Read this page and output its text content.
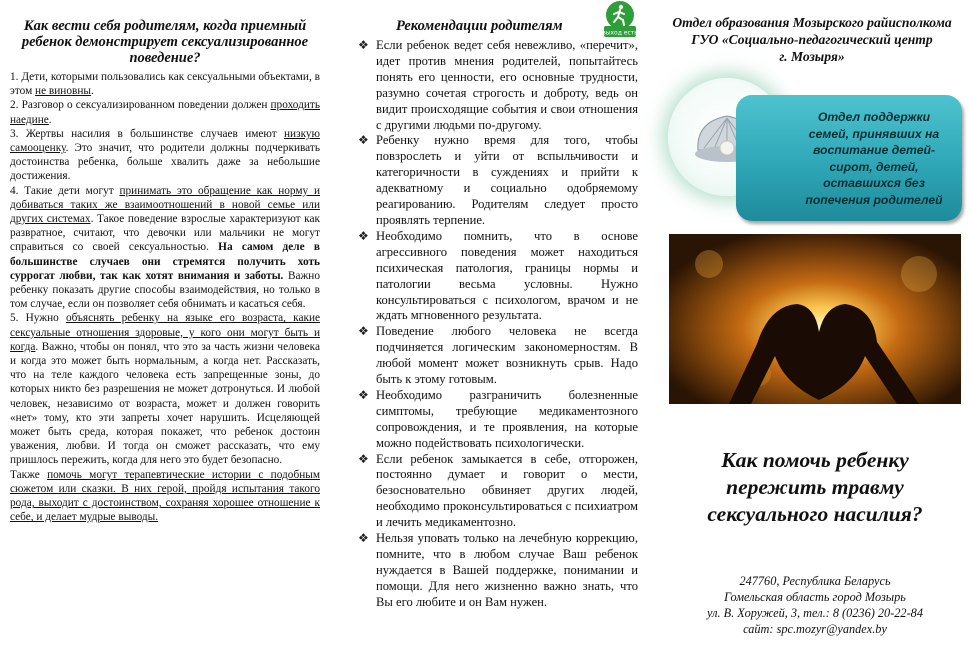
Как вести себя родителям, когда приемный ребенок демонстрирует сексуализированное поведение?

1. Дети, которыми пользовались как сексуальными объектами, в этом не виновны.

2. Разговор о сексуализированном поведении должен проходить наедине.

3. Жертвы насилия в большинстве случаев имеют низкую самооценку. Это значит, что родители должны подчеркивать достоинства ребенка, больше хвалить даже за небольшие достижения.

4. Такие дети могут принимать это обращение как норму и добиваться таких же взаимоотношений в новой семье или других системах. Такое поведение взрослые характеризуют как развратное, считают, что девочки или мальчики не могут справиться со своей сексуальностью. На самом деле в большинстве случаев они стремятся получить хоть суррогат любви, так как хотят внимания и заботы. Важно ребенку показать другие способы взаимодействия, но только в том случае, если он позволяет себя обнимать и касаться себя.

5. Нужно объяснять ребенку на языке его возраста, какие сексуальные отношения здоровые, у кого они могут быть и когда. Важно, чтобы он понял, что это за часть жизни человека и когда это может быть нормальным, а когда нет. Рассказать, что на теле каждого человека есть запрещенные зоны, до которых никто без разрешения не может дотронуться. И любой человек, независимо от возраста, может и должен говорить «нет» тому, кто эти запреты хочет нарушить. Исцеляющей может быть среда, которая покажет, что ребенок достоин уважения, любви. И тогда он сможет рассказать, что ему пришлось пережить, когда для него это будет безопасно.

Также помочь могут терапевтические истории с подобным сюжетом или сказки. В них герой, пройдя испытания такого рода, выходит с достоинством, сохраняя хорошее отношение к себе, и делает мудрые выводы.

Рекомендации родителям
❖ Если ребенок ведет себя невежливо, «перечит», идет против мнения родителей, попытайтесь понять его ценности, его основные трудности, разумно сочетая строгость и доброту, ведь он видит происходящие события и свои отношения с другими людьми по-другому.
❖ Ребенку нужно время для того, чтобы повзрослеть и уйти от вспыльчивости и категоричности в суждениях и прийти к адекватному и социально одобряемому реагированию. Родителям следует просто проявлять терпение.
❖ Необходимо помнить, что в основе агрессивного поведения может находиться психическая патология, границы нормы и патологии весьма условны. Нужно консультироваться с психологом, врачом и не ждать мгновенного результата.
❖ Поведение любого человека не всегда подчиняется логическим закономерностям. В любой момент может возникнуть срыв. Надо быть к этому готовым.
❖ Необходимо разграничить болезненные симптомы, требующие медикаментозного сопровождения, и те проявления, на которые можно подействовать психологически.
❖ Если ребенок замыкается в себе, отгорожен, постоянно думает и говорит о мести, безосновательно обвиняет других людей, необходимо проконсультироваться с психиатром и лечить медикаментозно.
❖ Нельзя уповать только на лечебную коррекцию, помните, что в любом случае Ваш ребенок нуждается в Вашей поддержке, понимании и помощи. Для него жизненно важно знать, что Вы его любите и он Вам нужен.
выход есть
Отдел образования Мозырского райисполкома
ГУО «Социально-педагогический центр
г. Мозыря»
Отдел поддержки
семей, принявших на
воспитание детей-
сирот, детей,
оставшихся без
попечения родителей
Как помочь ребенку
пережить травму
сексуального насилия?
247760, Республика Беларусь
Гомельская область город Мозырь
ул. В. Хоружей, 3, тел.: 8 (0236) 20-22-84
сайт: spc.mozyr@yandex.by
